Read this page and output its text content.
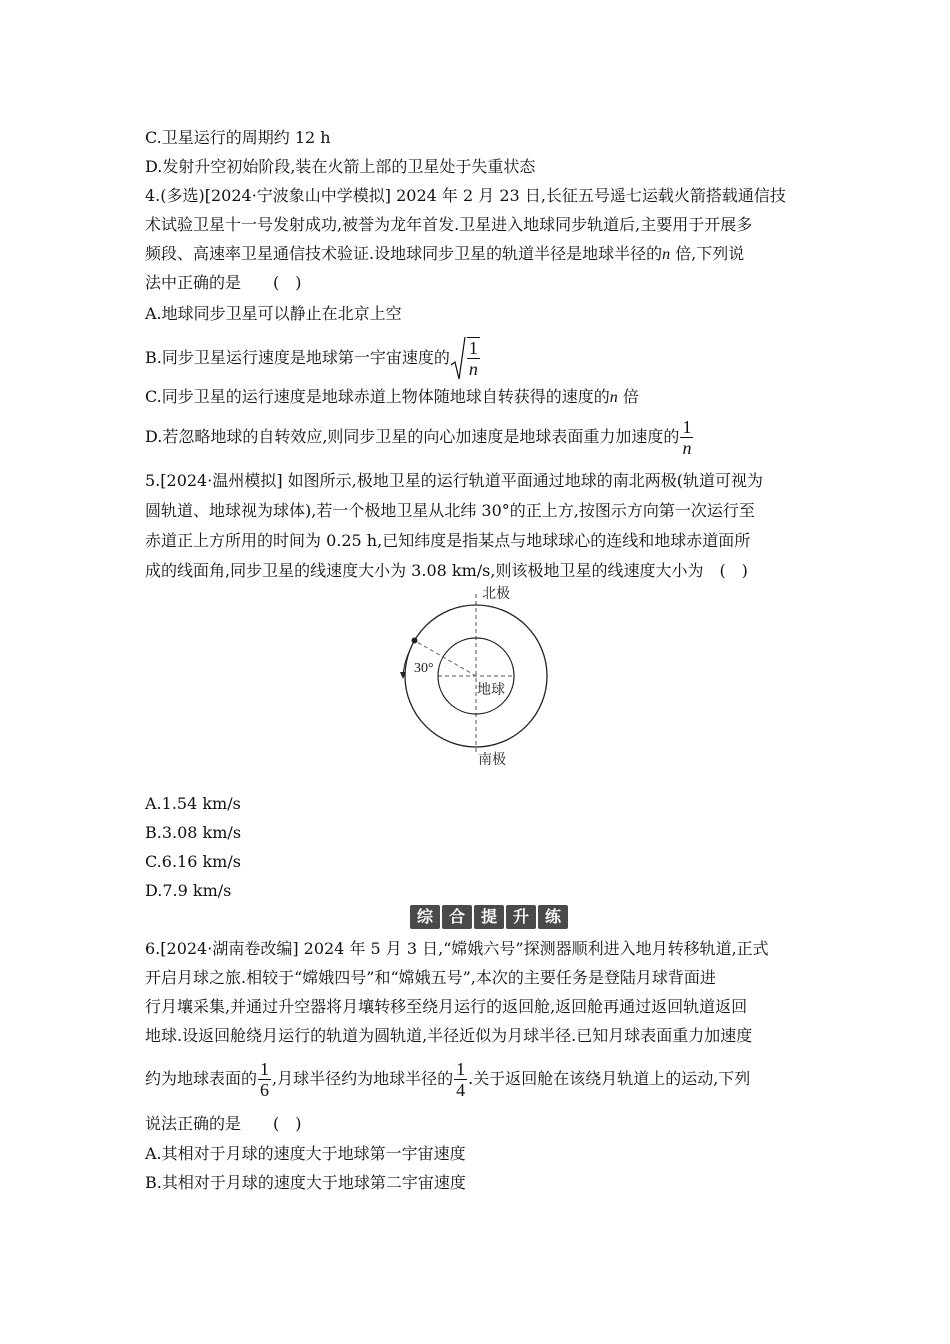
C.卫星运行的周期约 12 h
D.发射升空初始阶段,装在火箭上部的卫星处于失重状态
4.(多选)[2024·宁波象山中学模拟] 2024 年 2 月 23 日,长征五号遥七运载火箭搭载通信技
术试验卫星十一号发射成功,被誉为龙年首发.卫星进入地球同步轨道后,主要用于开展多
频段、高速率卫星通信技术验证.设地球同步卫星的轨道半径是地球半径的n 倍,下列说
法中正确的是　　(　)
A.地球同步卫星可以静止在北京上空
B.同步卫星运行速度是地球第一宇宙速度的 $\frac{1}{n}$
C.同步卫星的运行速度是地球赤道上物体随地球自转获得的速度的n 倍
D.若忽略地球的自转效应,则同步卫星的向心加速度是地球表面重力加速度的 $\frac{1}{n}$
5.[2024·温州模拟] 如图所示,极地卫星的运行轨道平面通过地球的南北两极(轨道可视为
圆轨道、地球视为球体),若一个极地卫星从北纬 30°的正上方,按图示方向第一次运行至
赤道正上方所用的时间为 0.25 h,已知纬度是指某点与地球球心的连线和地球赤道面所
成的线面角,同步卫星的线速度大小为 3.08 km/s,则该极地卫星的线速度大小为　(　)
北极
南极
地球
30°
A.1.54 km/s
B.3.08 km/s
C.6.16 km/s
D.7.9 km/s
综 合 提 升 练
6.[2024·湖南卷改编] 2024 年 5 月 3 日,“嫦娥六号”探测器顺利进入地月转移轨道,正式
开启月球之旅.相较于“嫦娥四号”和“嫦娥五号”,本次的主要任务是登陆月球背面进
行月壤采集,并通过升空器将月壤转移至绕月运行的返回舱,返回舱再通过返回轨道返回
地球.设返回舱绕月运行的轨道为圆轨道,半径近似为月球半径.已知月球表面重力加速度
约为地球表面的 $\frac{1}{6}$ ,月球半径约为地球半径的 $\frac{1}{4}$ .关于返回舱在该绕月轨道上的运动,下列
说法正确的是　　(　)
A.其相对于月球的速度大于地球第一宇宙速度
B.其相对于月球的速度大于地球第二宇宙速度
